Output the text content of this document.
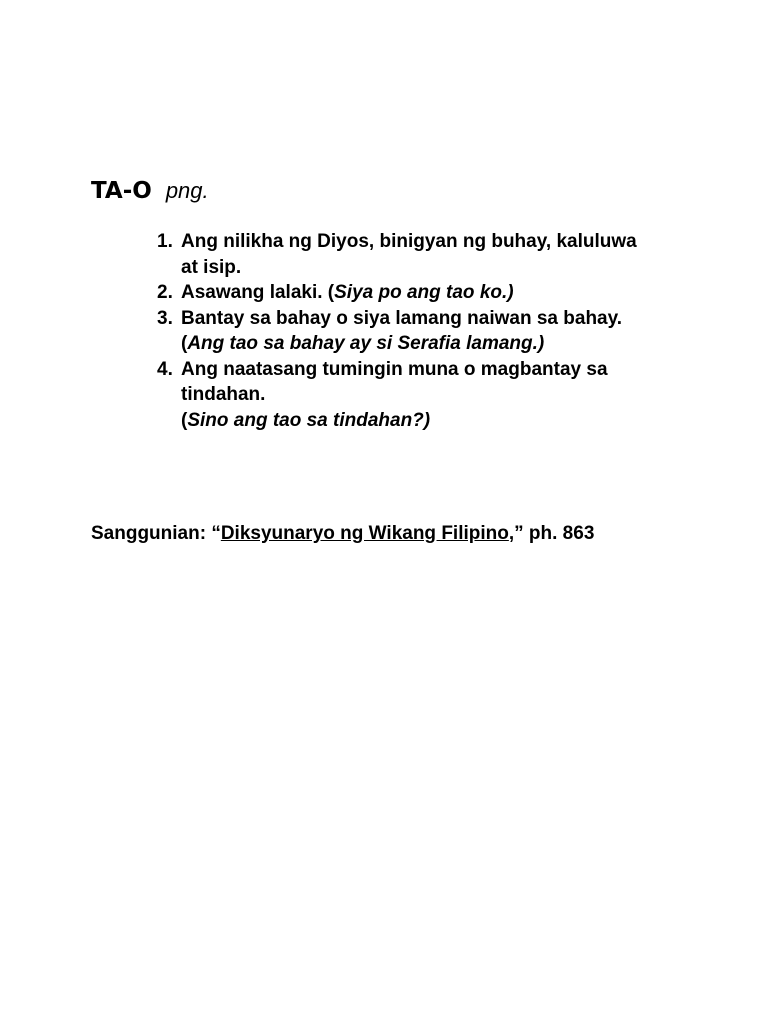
TA-O png.
1. Ang nilikha ng Diyos, binigyan ng buhay, kaluluwa
at isip.
2. Asawang lalaki. (Siya po ang tao ko.)
3. Bantay sa bahay o siya lamang naiwan sa bahay.
(Ang tao sa bahay ay si Serafia lamang.)
4. Ang naatasang tumingin muna o magbantay sa
tindahan.
(Sino ang tao sa tindahan?)
Sanggunian: “Diksyunaryo ng Wikang Filipino,” ph. 863
